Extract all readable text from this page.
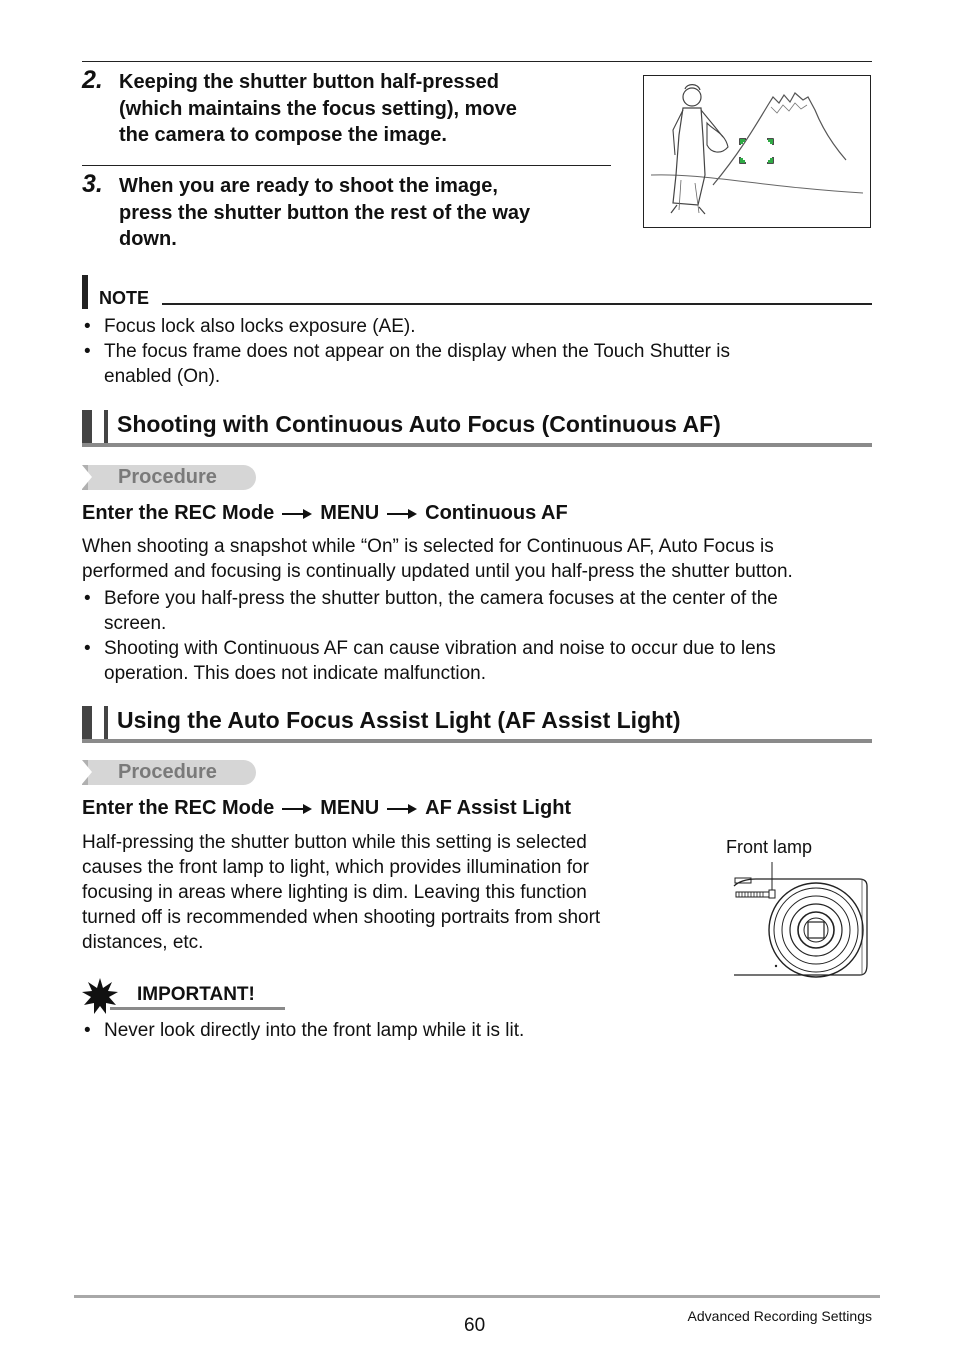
2. Keeping the shutter button half-pressed
(which maintains the focus setting), move
the camera to compose the image.
3. When you are ready to shoot the image,
press the shutter button the rest of the way
down.
NOTE
• Focus lock also locks exposure (AE).
• The focus frame does not appear on the display when the Touch Shutter is
enabled (On).
Shooting with Continuous Auto Focus (Continuous AF)
Procedure
Enter the REC Mode MENU Continuous AF
When shooting a snapshot while “On” is selected for Continuous AF, Auto Focus is
performed and focusing is continually updated until you half-press the shutter button.
• Before you half-press the shutter button, the camera focuses at the center of the
screen.
• Shooting with Continuous AF can cause vibration and noise to occur due to lens
operation. This does not indicate malfunction.
Using the Auto Focus Assist Light (AF Assist Light)
Procedure
Enter the REC Mode MENU AF Assist Light
Half-pressing the shutter button while this setting is selected
causes the front lamp to light, which provides illumination for
focusing in areas where lighting is dim. Leaving this function
turned off is recommended when shooting portraits from short
distances, etc.
Front lamp
IMPORTANT!
• Never look directly into the front lamp while it is lit.
60	Advanced Recording Settings
